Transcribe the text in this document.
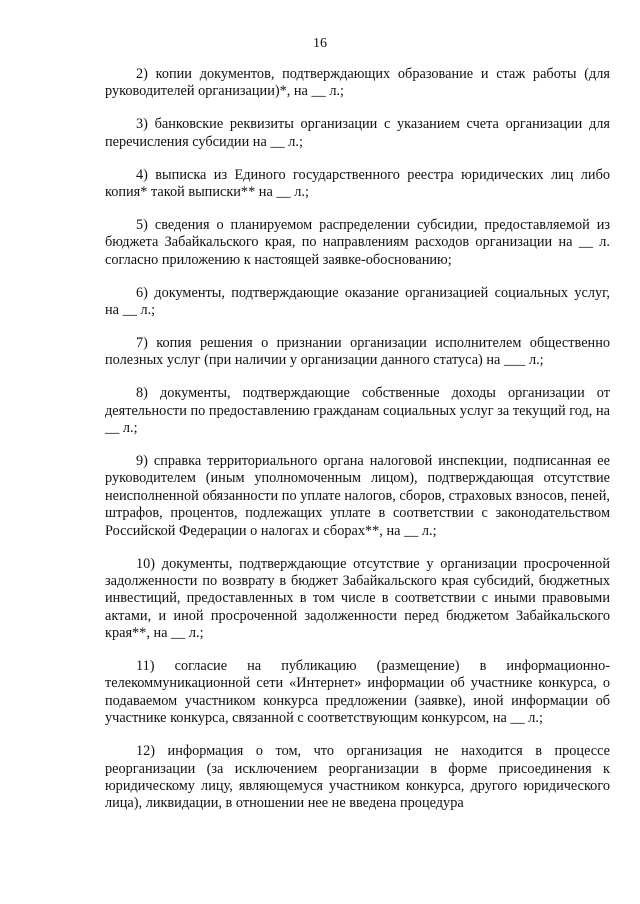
16

2) копии документов, подтверждающих образование и стаж работы (для руководителей организации)*, на __ л.;

3) банковские реквизиты организации с указанием счета организации для перечисления субсидии на __ л.;

4) выписка из Единого государственного реестра юридических лиц либо копия* такой выписки** на __ л.;

5) сведения о планируемом распределении субсидии, предоставляемой из бюджета Забайкальского края, по направлениям расходов организации на __ л. согласно приложению к настоящей заявке-обоснованию;

6) документы, подтверждающие оказание организацией социальных услуг, на __ л.;

7) копия решения о признании организации исполнителем общественно полезных услуг (при наличии у организации данного статуса) на ___ л.;

8) документы, подтверждающие собственные доходы организации от деятельности по предоставлению гражданам социальных услуг за текущий год, на __ л.;

9) справка территориального органа налоговой инспекции, подписанная ее руководителем (иным уполномоченным лицом), подтверждающая отсутствие неисполненной обязанности по уплате налогов, сборов, страховых взносов, пеней, штрафов, процентов, подлежащих уплате в соответствии с законодательством Российской Федерации о налогах и сборах**, на __ л.;

10) документы, подтверждающие отсутствие у организации просроченной задолженности по возврату в бюджет Забайкальского края субсидий, бюджетных инвестиций, предоставленных в том числе в соответствии с иными правовыми актами, и иной просроченной задолженности перед бюджетом Забайкальского края**, на __ л.;

11) согласие на публикацию (размещение) в информационно-телекоммуникационной сети «Интернет» информации об участнике конкурса, о подаваемом участником конкурса предложении (заявке), иной информации об участнике конкурса, связанной с соответствующим конкурсом, на __ л.;

12) информация о том, что организация не находится в процессе реорганизации (за исключением реорганизации в форме присоединения к юридическому лицу, являющемуся участником конкурса, другого юридического лица), ликвидации, в отношении нее не введена процедура
